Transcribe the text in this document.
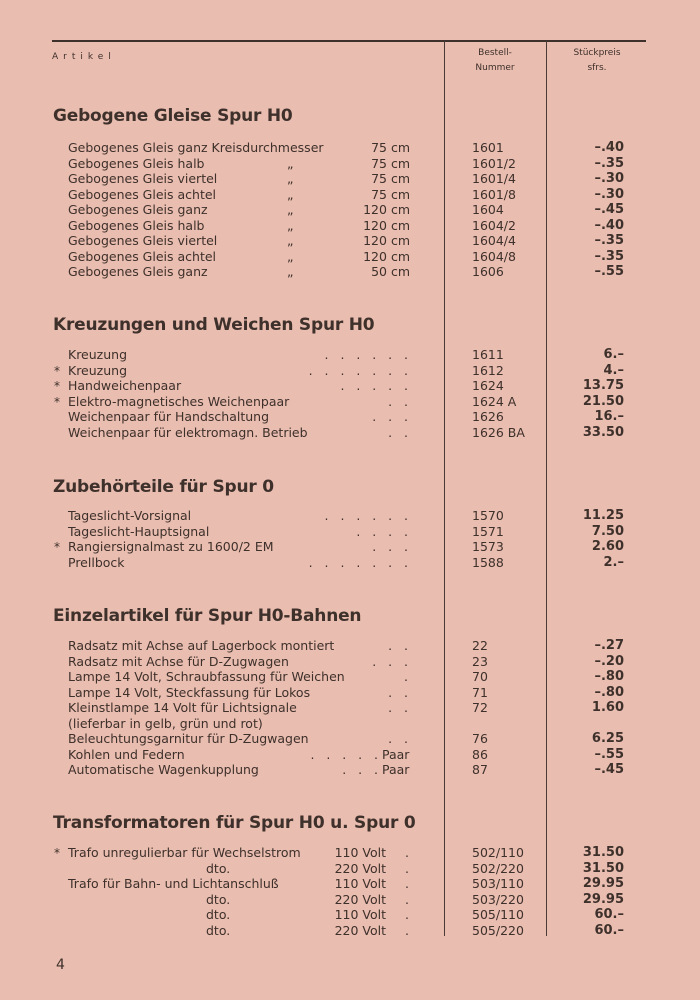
Artikel	Bestell-
Nummer
Stückpreis
sfrs.
Gebogene Gleise Spur H0
Gebogenes Gleis ganz Kreisdurchmesser	75 cm	1601	–.40
Gebogenes Gleis halb	„	75 cm	1601/2	–.35
Gebogenes Gleis viertel	„	75 cm	1601/4	–.30
Gebogenes Gleis achtel	„	75 cm	1601/8	–.30
Gebogenes Gleis ganz	„	120 cm	1604	–.45
Gebogenes Gleis halb	„	120 cm	1604/2	–.40
Gebogenes Gleis viertel	„	120 cm	1604/4	–.35
Gebogenes Gleis achtel	„	120 cm	1604/8	–.35
Gebogenes Gleis ganz	„	50 cm	1606	–.55
Kreuzungen und Weichen Spur H0
Kreuzung	.   .   .   .   .   .	1611	6.–
* Kreuzung	.   .   .   .   .   .   .	1612	4.–
* Handweichenpaar	.   .   .   .   .	1624	13.75
* Elektro-magnetisches Weichenpaar	.   .	1624 A	21.50
Weichenpaar für Handschaltung	.   .   .	1626	16.–
Weichenpaar für elektromagn. Betrieb	.   .	1626 BA	33.50
Zubehörteile für Spur 0
Tageslicht-Vorsignal	.   .   .   .   .   .	1570	11.25
Tageslicht-Hauptsignal	.   .   .   .	1571	7.50
* Rangiersignalmast zu 1600/2 EM	.   .   .	1573	2.60
Prellbock	.   .   .   .   .   .   .	1588	2.–
Einzelartikel für Spur H0-Bahnen
Radsatz mit Achse auf Lagerbock montiert	.   .	22	–.27
Radsatz mit Achse für D-Zugwagen	.   .   .	23	–.20
Lampe 14 Volt, Schraubfassung für Weichen	.	70	–.80
Lampe 14 Volt, Steckfassung für Lokos	.   .	71	–.80
Kleinstlampe 14 Volt für Lichtsignale	.   .	72	1.60
(lieferbar in gelb, grün und rot)
Beleuchtungsgarnitur für D-Zugwagen	.   .	76	6.25
Kohlen und Federn	.   .   .   .   . Paar	86	–.55
Automatische Wagenkupplung	.   .   . Paar	87	–.45
Transformatoren für Spur H0 u. Spur 0
* Trafo unregulierbar für Wechselstrom	110 Volt .	502/110	31.50
dto.	220 Volt .	502/220	31.50
Trafo für Bahn- und Lichtanschluß	110 Volt .	503/110	29.95
dto.	220 Volt .	503/220	29.95
dto.	110 Volt .	505/110	60.–
dto.	220 Volt .	505/220	60.–
4
